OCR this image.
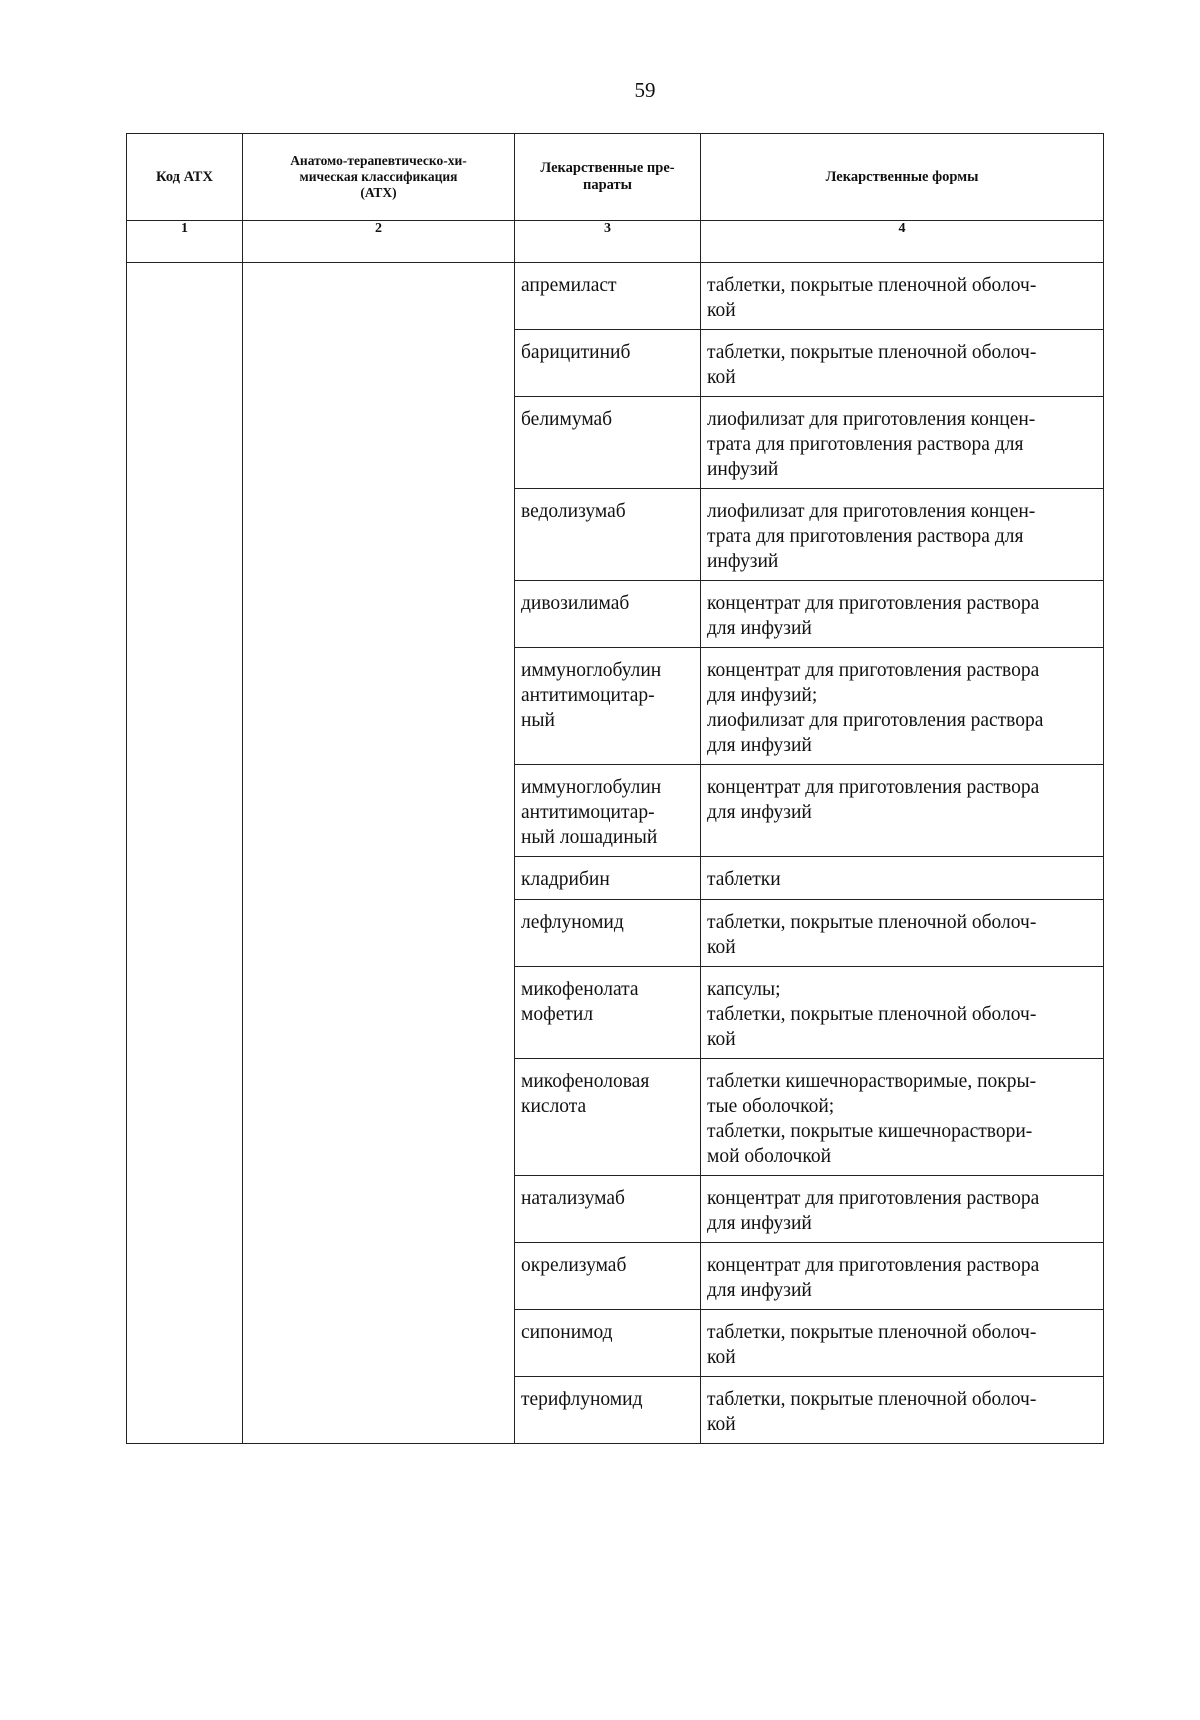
59
Код АТХ	Анатомо-терапевтическо-хи-
мическая классификация
(АТХ)	Лекарственные пре-
параты	Лекарственные формы

1	2	3	4

		апремиласт	таблетки, покрытые пленочной оболоч-
кой

		барицитиниб	таблетки, покрытые пленочной оболоч-
кой

		белимумаб	лиофилизат для приготовления концен-
трата для приготовления раствора для
инфузий

		ведолизумаб	лиофилизат для приготовления концен-
трата для приготовления раствора для
инфузий

		дивозилимаб	концентрат для приготовления раствора
для инфузий

		иммуноглобулин
антитимоцитар-
ный	концентрат для приготовления раствора
для инфузий;
лиофилизат для приготовления раствора
для инфузий

		иммуноглобулин
антитимоцитар-
ный лошадиный	концентрат для приготовления раствора
для инфузий

		кладрибин	таблетки

		лефлуномид	таблетки, покрытые пленочной оболоч-
кой

		микофенолата
мофетил	капсулы;
таблетки, покрытые пленочной оболоч-
кой

		микофеноловая
кислота	таблетки кишечнорастворимые, покры-
тые оболочкой;
таблетки, покрытые кишечнораствори-
мой оболочкой

		натализумаб	концентрат для приготовления раствора
для инфузий

		окрелизумаб	концентрат для приготовления раствора
для инфузий

		сипонимод	таблетки, покрытые пленочной оболоч-
кой

		терифлуномид	таблетки, покрытые пленочной оболоч-
кой
